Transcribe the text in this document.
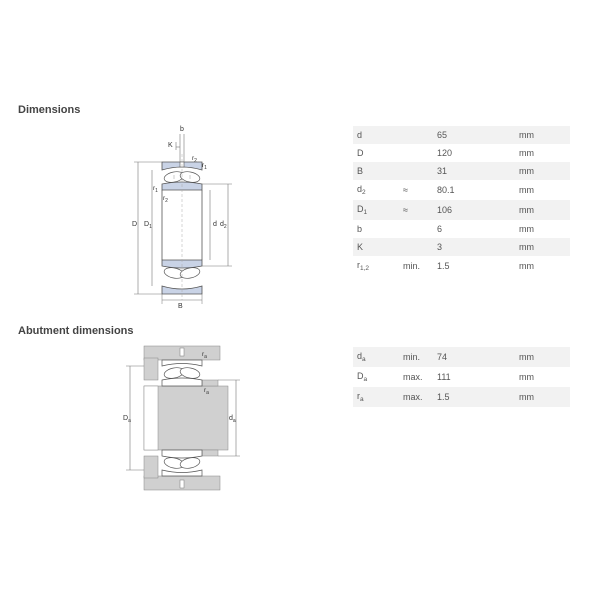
Dimensions
b
K
$r_2$
$r_1$
$r_1$
$r_2$
D $D_1$	d $d_2$
B
d		65	mm
D		120	mm
B		31	mm
$d_2$	≈	80.1	mm
$D_1$	≈	106	mm
b		6	mm
K		3	mm
$r_{1,2}$	min.	1.5	mm
Abutment dimensions
$r_a$
$r_a$
$D_a$	$d_a$
$d_a$	min.	74	mm
$D_a$	max.	111	mm
$r_a$	max.	1.5	mm
